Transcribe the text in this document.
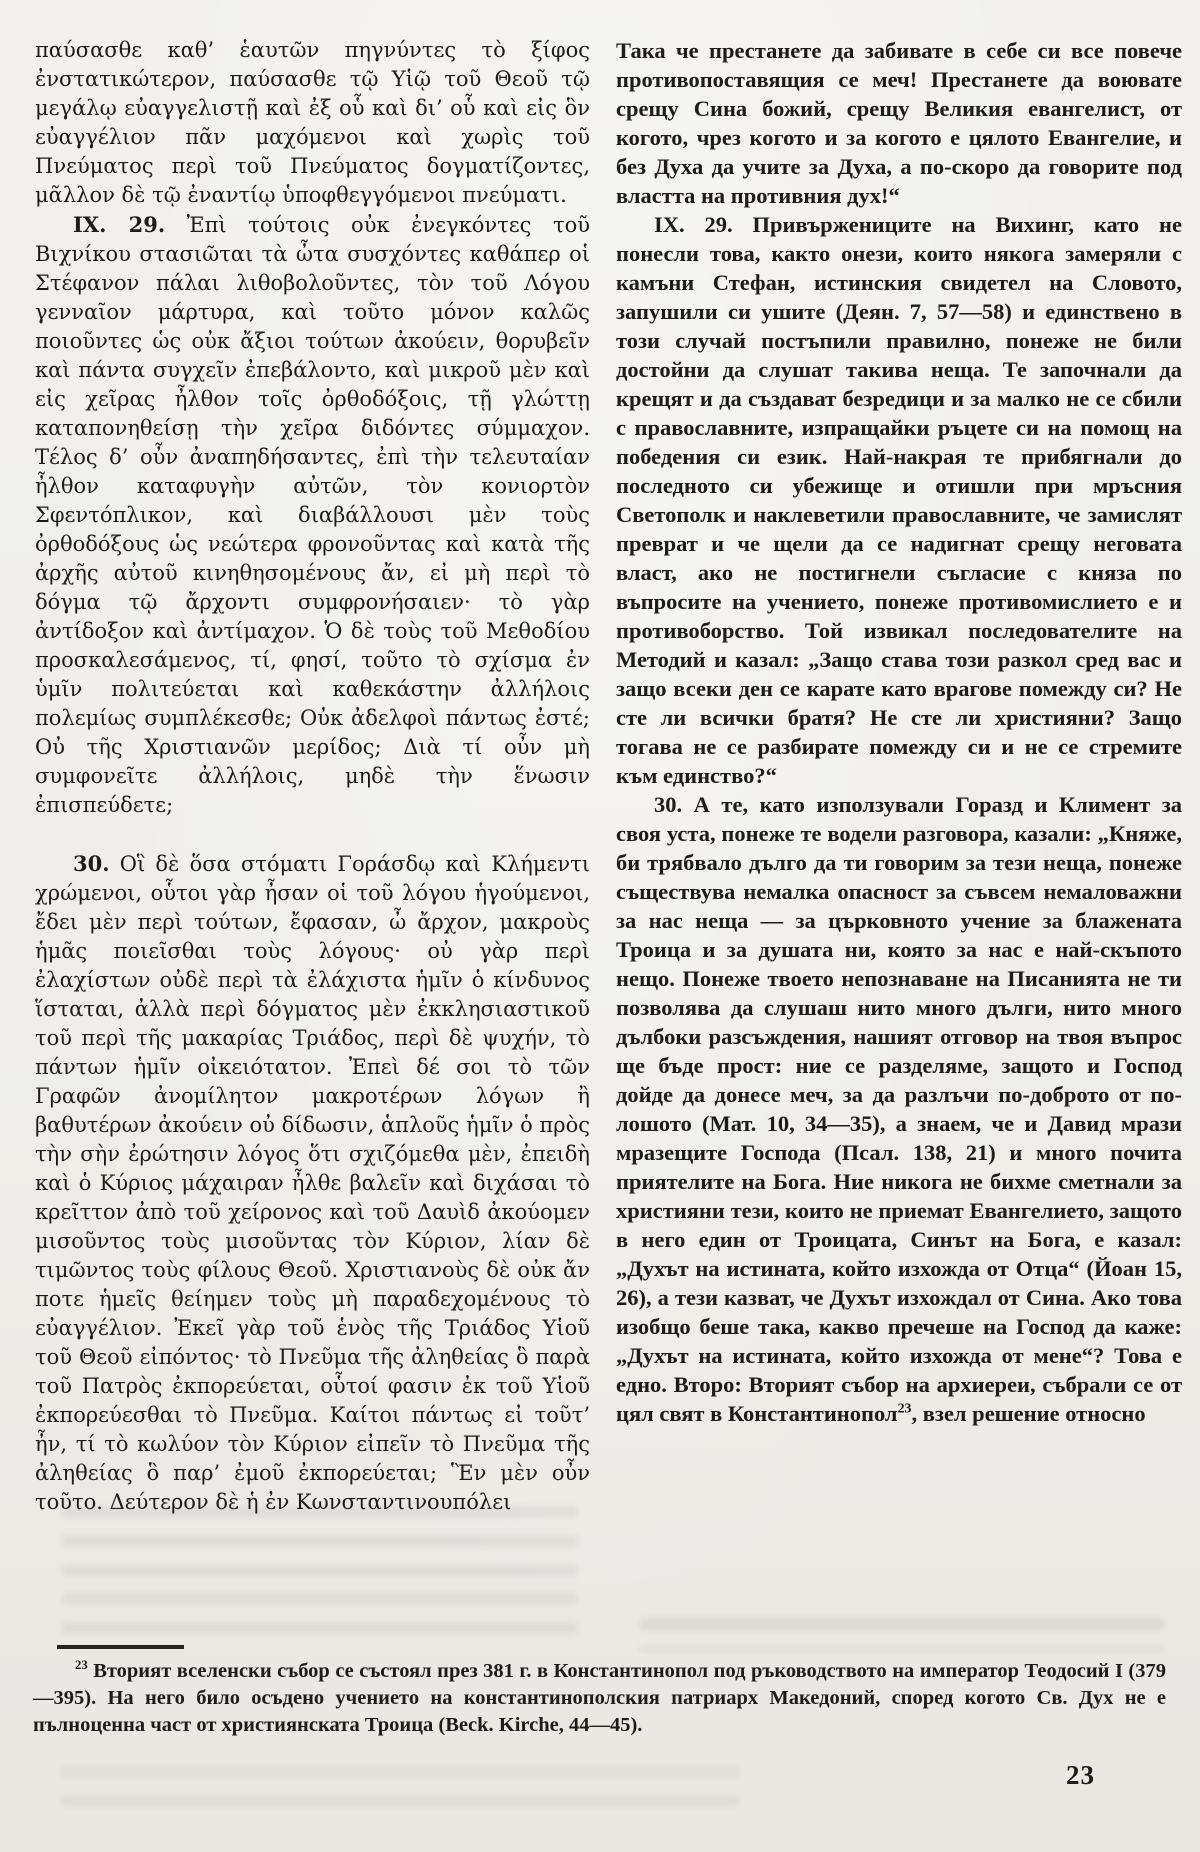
παύσασθε καθ’ ἑαυτῶν πηγνύντες τὸ ξίφος ἐνστατικώτερον, παύσασθε τῷ Υἱῷ τοῦ Θεοῦ τῷ μεγάλῳ εὐαγγελιστῇ καὶ ἐξ οὗ καὶ δι’ οὗ καὶ εἰς ὃν εὐαγγέλιον πᾶν μαχόμενοι καὶ χωρὶς τοῦ Πνεύματος περὶ τοῦ Πνεύματος δογματίζοντες, μᾶλλον δὲ τῷ ἐναντίῳ ὑποφθεγγόμενοι πνεύματι.

IX. 29. Ἐπὶ τούτοις οὐκ ἐνεγκόντες τοῦ Βιχνίκου στασιῶται τὰ ὦτα συσχόντες καθάπερ οἱ Στέφανον πάλαι λιθοβολοῦντες, τὸν τοῦ Λόγου γενναῖον μάρτυρα, καὶ τοῦτο μόνον καλῶς ποιοῦντες ὡς οὐκ ἄξιοι τούτων ἀκούειν, θορυβεῖν καὶ πάντα συγχεῖν ἐπεβάλοντο, καὶ μικροῦ μὲν καὶ εἰς χεῖρας ἦλθον τοῖς ὀρθοδόξοις, τῇ γλώττῃ καταπονηθείσῃ τὴν χεῖρα διδόντες σύμμαχον. Τέλος δ’ οὖν ἀναπηδήσαντες, ἐπὶ τὴν τελευταίαν ἦλθον καταφυγὴν αὐτῶν, τὸν κονιορτὸν Σφεντόπλικον, καὶ διαβάλλουσι μὲν τοὺς ὀρθοδόξους ὡς νεώτερα φρονοῦντας καὶ κατὰ τῆς ἀρχῆς αὐτοῦ κινηθησομένους ἄν, εἰ μὴ περὶ τὸ δόγμα τῷ ἄρχοντι συμφρονήσαιεν· τὸ γὰρ ἀντίδοξον καὶ ἀντίμαχον. Ὁ δὲ τοὺς τοῦ Μεθοδίου προσκαλεσάμενος, τί, φησί, τοῦτο τὸ σχίσμα ἐν ὑμῖν πολιτεύεται καὶ καθεκάστην ἀλλήλοις πολεμίως συμπλέκεσθε; Οὐκ ἀδελφοὶ πάντως ἐστέ; Οὐ τῆς Χριστιανῶν μερίδος; Διὰ τί οὖν μὴ συμφονεῖτε ἀλλήλοις, μηδὲ τὴν ἕνωσιν ἐπισπεύδετε;

30. Οἳ δὲ ὅσα στόματι Γοράσδῳ καὶ Κλήμεντι χρώμενοι, οὗτοι γὰρ ἦσαν οἱ τοῦ λόγου ἡγούμενοι, ἔδει μὲν περὶ τούτων, ἔφασαν, ὦ ἄρχον, μακροὺς ἡμᾶς ποιεῖσθαι τοὺς λόγους· οὐ γὰρ περὶ ἐλαχίστων οὐδὲ περὶ τὰ ἐλάχιστα ἡμῖν ὁ κίνδυνος ἵσταται, ἀλλὰ περὶ δόγματος μὲν ἐκκλησιαστικοῦ τοῦ περὶ τῆς μακαρίας Τριάδος, περὶ δὲ ψυχήν, τὸ πάντων ἡμῖν οἰκειότατον. Ἐπεὶ δέ σοι τὸ τῶν Γραφῶν ἀνομίλητον μακροτέρων λόγων ἢ βαθυτέρων ἀκούειν οὐ δίδωσιν, ἁπλοῦς ἡμῖν ὁ πρὸς τὴν σὴν ἐρώτησιν λόγος ὅτι σχιζόμεθα μὲν, ἐπειδὴ καὶ ὁ Κύριος μάχαιραν ἦλθε βαλεῖν καὶ διχάσαι τὸ κρεῖττον ἀπὸ τοῦ χείρονος καὶ τοῦ Δαυὶδ ἀκούομεν μισοῦντος τοὺς μισοῦντας τὸν Κύριον, λίαν δὲ τιμῶντος τοὺς φίλους Θεοῦ. Χριστιανοὺς δὲ οὐκ ἄν ποτε ἡμεῖς θείημεν τοὺς μὴ παραδεχομένους τὸ εὐαγγέλιον. Ἐκεῖ γὰρ τοῦ ἑνὸς τῆς Τριάδος Υἱοῦ τοῦ Θεοῦ εἰπόντος· τὸ Πνεῦμα τῆς ἀληθείας ὃ παρὰ τοῦ Πατρὸς ἐκπορεύεται, οὗτοί φασιν ἐκ τοῦ Υἱοῦ ἐκπορεύεσθαι τὸ Πνεῦμα. Καίτοι πάντως εἰ τοῦτ’ ἦν, τί τὸ κωλύον τὸν Κύριον εἰπεῖν τὸ Πνεῦμα τῆς ἀληθείας ὃ παρ’ ἐμοῦ ἐκπορεύεται; Ἓν μὲν οὖν τοῦτο. Δεύτερον δὲ ἡ ἐν Κωνσταντινουπόλει

Така че престанете да забивате в себе си все повече противопоставящия се меч! Престанете да воювате срещу Сина божий, срещу Великия евангелист, от когото, чрез когото и за когото е цялото Евангелие, и без Духа да учите за Духа, а по-скоро да говорите под властта на противния дух!“

IX. 29. Привържениците на Вихинг, като не понесли това, както онези, които някога замеряли с камъни Стефан, истинския свидетел на Словото, запушили си ушите (Деян. 7, 57—58) и единствено в този случай постъпили правилно, понеже не били достойни да слушат такива неща. Те започнали да крещят и да създават безредици и за малко не се сбили с православните, изпращайки ръцете си на помощ на победения си език. Най-накрая те прибягнали до последното си убежище и отишли при мръсния Светополк и наклеветили православните, че замислят преврат и че щели да се надигнат срещу неговата власт, ако не постигнели съгласие с княза по въпросите на учението, понеже противомислието е и противоборство. Той извикал последователите на Методий и казал: „Защо става този разкол сред вас и защо всеки ден се карате като врагове помежду си? Не сте ли всички братя? Не сте ли християни? Защо тогава не се разбирате помежду си и не се стремите към единство?“

30. А те, като използували Горазд и Климент за своя уста, понеже те водели разговора, казали: „Княже, би трябвало дълго да ти говорим за тези неща, понеже съществува немалка опасност за съвсем немаловажни за нас неща — за църковното учение за блажената Троица и за душата ни, която за нас е най-скъпото нещо. Понеже твоето непознаване на Писанията не ти позволява да слушаш нито много дълги, нито много дълбоки разсъждения, нашият отговор на твоя въпрос ще бъде прост: ние се разделяме, защото и Господ дойде да донесе меч, за да разлъчи по-доброто от по-лошото (Мат. 10, 34—35), а знаем, че и Давид мрази мразещите Господа (Псал. 138, 21) и много почита приятелите на Бога. Ние никога не бихме сметнали за християни тези, които не приемат Евангелието, защото в него един от Троицата, Синът на Бога, е казал: „Духът на истината, който изхожда от Отца“ (Йоан 15, 26), а тези казват, че Духът изхождал от Сина. Ако това изобщо беше така, какво пречеше на Господ да каже: „Духът на истината, който изхожда от мене“? Това е едно. Второ: Вторият събор на архиереи, събрали се от цял свят в Константинопол$^{23}$, взел решение относно

$^{23}$ Вторият вселенски събор се състоял през 381 г. в Константинопол под ръководството на император Теодосий I (379—395). На него било осъдено учението на константинополския патриарх Македоний, според когото Св. Дух не е пълноценна част от християнската Троица (Beck. Kirche, 44—45).
23
